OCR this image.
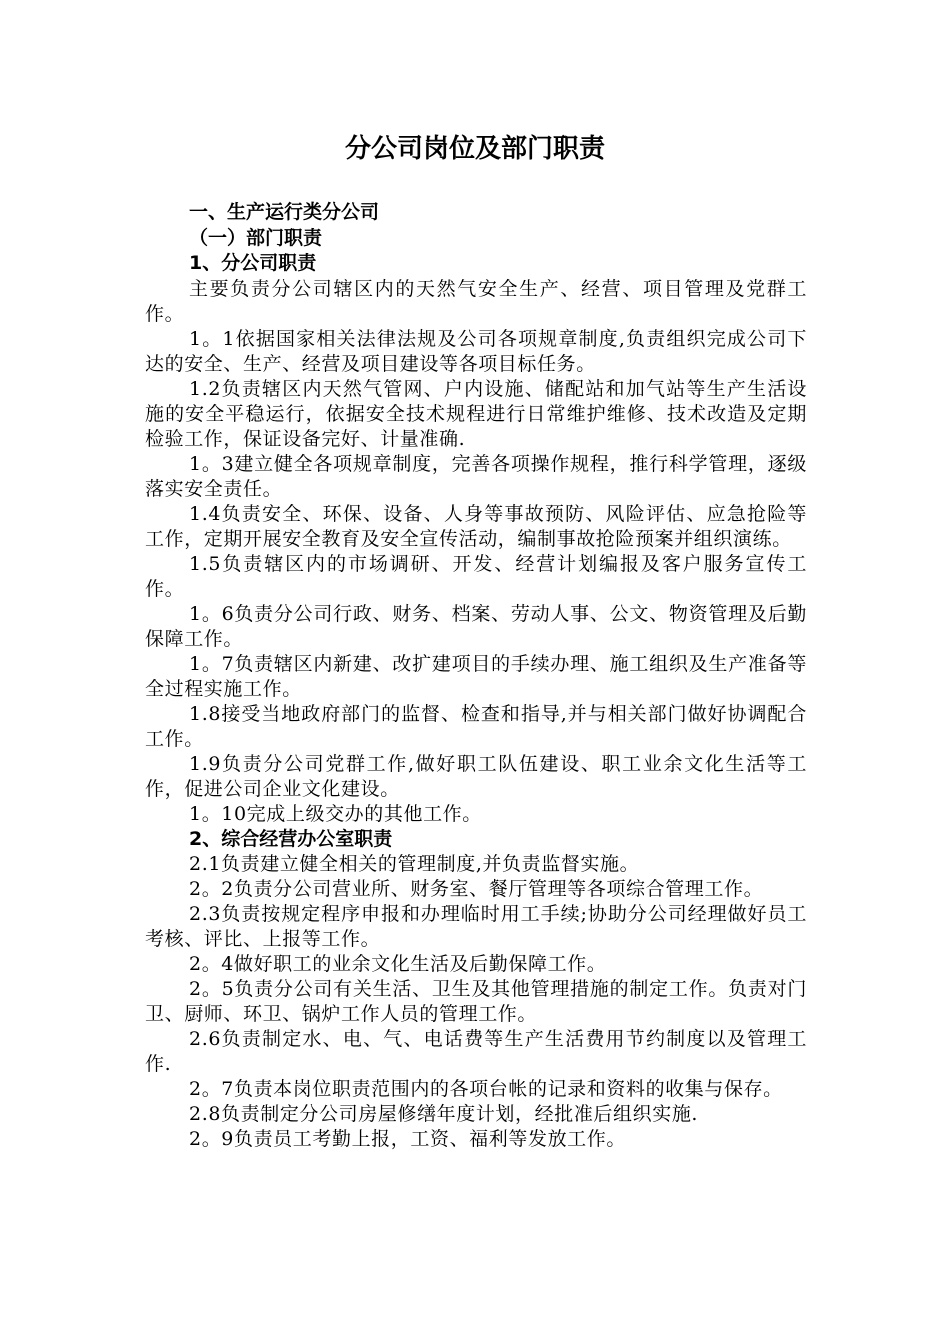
分公司岗位及部门职责

一、生产运行类分公司

（一）部门职责

1、分公司职责

主要负责分公司辖区内的天然气安全生产、经营、项目管理及党群工作。

1。1依据国家相关法律法规及公司各项规章制度,负责组织完成公司下达的安全、生产、经营及项目建设等各项目标任务。

1.2负责辖区内天然气管网、户内设施、储配站和加气站等生产生活设施的安全平稳运行，依据安全技术规程进行日常维护维修、技术改造及定期检验工作，保证设备完好、计量准确.

1。3建立健全各项规章制度，完善各项操作规程，推行科学管理，逐级落实安全责任。

1.4负责安全、环保、设备、人身等事故预防、风险评估、应急抢险等工作，定期开展安全教育及安全宣传活动，编制事故抢险预案并组织演练。

1.5负责辖区内的市场调研、开发、经营计划编报及客户服务宣传工作。

1。6负责分公司行政、财务、档案、劳动人事、公文、物资管理及后勤保障工作。

1。7负责辖区内新建、改扩建项目的手续办理、施工组织及生产准备等全过程实施工作。

1.8接受当地政府部门的监督、检查和指导,并与相关部门做好协调配合工作。

1.9负责分公司党群工作,做好职工队伍建设、职工业余文化生活等工作，促进公司企业文化建设。

1。10完成上级交办的其他工作。

2、综合经营办公室职责

2.1负责建立健全相关的管理制度,并负责监督实施。

2。2负责分公司营业所、财务室、餐厅管理等各项综合管理工作。

2.3负责按规定程序申报和办理临时用工手续;协助分公司经理做好员工考核、评比、上报等工作。

2。4做好职工的业余文化生活及后勤保障工作。

2。5负责分公司有关生活、卫生及其他管理措施的制定工作。负责对门卫、厨师、环卫、锅炉工作人员的管理工作。

2.6负责制定水、电、气、电话费等生产生活费用节约制度以及管理工作.

2。7负责本岗位职责范围内的各项台帐的记录和资料的收集与保存。

2.8负责制定分公司房屋修缮年度计划，经批准后组织实施.

2。9负责员工考勤上报，工资、福利等发放工作。
